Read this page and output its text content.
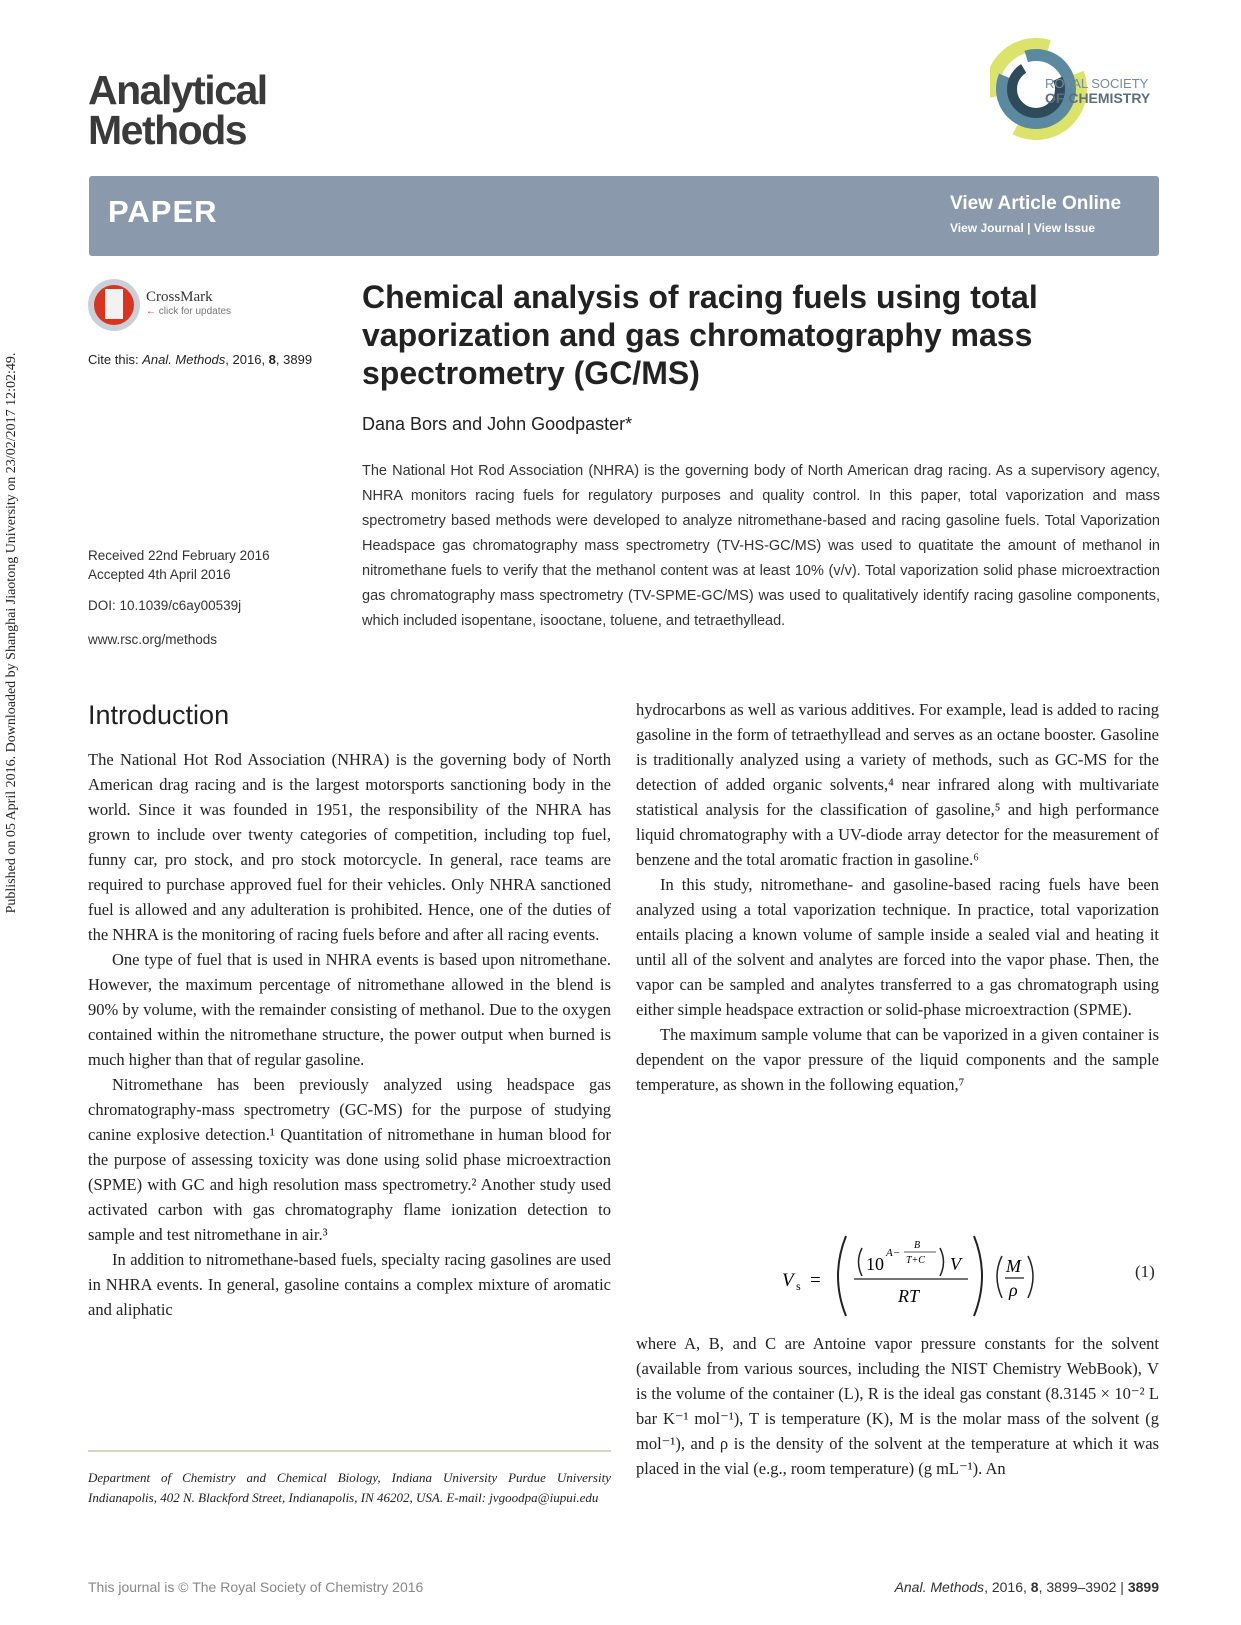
Published on 05 April 2016. Downloaded by Shanghai Jiaotong University on 23/02/2017 12:02:49.
Analytical
Methods
ROYAL SOCIETY
OF CHEMISTRY
PAPER	View Article Online
View Journal | View Issue
CrossMark
← click for updates
Cite this: Anal. Methods, 2016, 8, 3899
Chemical analysis of racing fuels using total vaporization and gas chromatography mass spectrometry (GC/MS)
Dana Bors and John Goodpaster*
The National Hot Rod Association (NHRA) is the governing body of North American drag racing. As a supervisory agency, NHRA monitors racing fuels for regulatory purposes and quality control. In this paper, total vaporization and mass spectrometry based methods were developed to analyze nitromethane-based and racing gasoline fuels. Total Vaporization Headspace gas chromatography mass spectrometry (TV-HS-GC/MS) was used to quatitate the amount of methanol in nitromethane fuels to verify that the methanol content was at least 10% (v/v). Total vaporization solid phase microextraction gas chromatography mass spectrometry (TV-SPME-GC/MS) was used to qualitatively identify racing gasoline components, which included isopentane, isooctane, toluene, and tetraethyllead.
Received 22nd February 2016
Accepted 4th April 2016
DOI: 10.1039/c6ay00539j
www.rsc.org/methods
Introduction

The National Hot Rod Association (NHRA) is the governing body of North American drag racing and is the largest motorsports sanctioning body in the world. Since it was founded in 1951, the responsibility of the NHRA has grown to include over twenty categories of competition, including top fuel, funny car, pro stock, and pro stock motorcycle. In general, race teams are required to purchase approved fuel for their vehicles. Only NHRA sanctioned fuel is allowed and any adulteration is prohibited. Hence, one of the duties of the NHRA is the monitoring of racing fuels before and after all racing events.

One type of fuel that is used in NHRA events is based upon nitromethane. However, the maximum percentage of nitromethane allowed in the blend is 90% by volume, with the remainder consisting of methanol. Due to the oxygen contained within the nitromethane structure, the power output when burned is much higher than that of regular gasoline.

Nitromethane has been previously analyzed using headspace gas chromatography-mass spectrometry (GC-MS) for the purpose of studying canine explosive detection.¹ Quantitation of nitromethane in human blood for the purpose of assessing toxicity was done using solid phase microextraction (SPME) with GC and high resolution mass spectrometry.² Another study used activated carbon with gas chromatography flame ionization detection to sample and test nitromethane in air.³

In addition to nitromethane-based fuels, specialty racing gasolines are used in NHRA events. In general, gasoline contains a complex mixture of aromatic and aliphatic

Department of Chemistry and Chemical Biology, Indiana University Purdue University Indianapolis, 402 N. Blackford Street, Indianapolis, IN 46202, USA. E-mail: jvgoodpa@iupui.edu

hydrocarbons as well as various additives. For example, lead is added to racing gasoline in the form of tetraethyllead and serves as an octane booster. Gasoline is traditionally analyzed using a variety of methods, such as GC-MS for the detection of added organic solvents,⁴ near infrared along with multivariate statistical analysis for the classification of gasoline,⁵ and high performance liquid chromatography with a UV-diode array detector for the measurement of benzene and the total aromatic fraction in gasoline.⁶

In this study, nitromethane- and gasoline-based racing fuels have been analyzed using a total vaporization technique. In practice, total vaporization entails placing a known volume of sample inside a sealed vial and heating it until all of the solvent and analytes are forced into the vapor phase. Then, the vapor can be sampled and analytes transferred to a gas chromatograph using either simple headspace extraction or solid-phase microextraction (SPME).

The maximum sample volume that can be vaporized in a given container is dependent on the vapor pressure of the liquid components and the sample temperature, as shown in the following equation,⁷

V s =
10
A−
B
T+C V
RT
M
ρ
(1)

where A, B, and C are Antoine vapor pressure constants for the solvent (available from various sources, including the NIST Chemistry WebBook), V is the volume of the container (L), R is the ideal gas constant (8.3145 × 10⁻² L bar K⁻¹ mol⁻¹), T is temperature (K), M is the molar mass of the solvent (g mol⁻¹), and ρ is the density of the solvent at the temperature at which it was placed in the vial (e.g., room temperature) (g mL⁻¹). An

This journal is © The Royal Society of Chemistry 2016	Anal. Methods, 2016, 8, 3899–3902 | 3899
